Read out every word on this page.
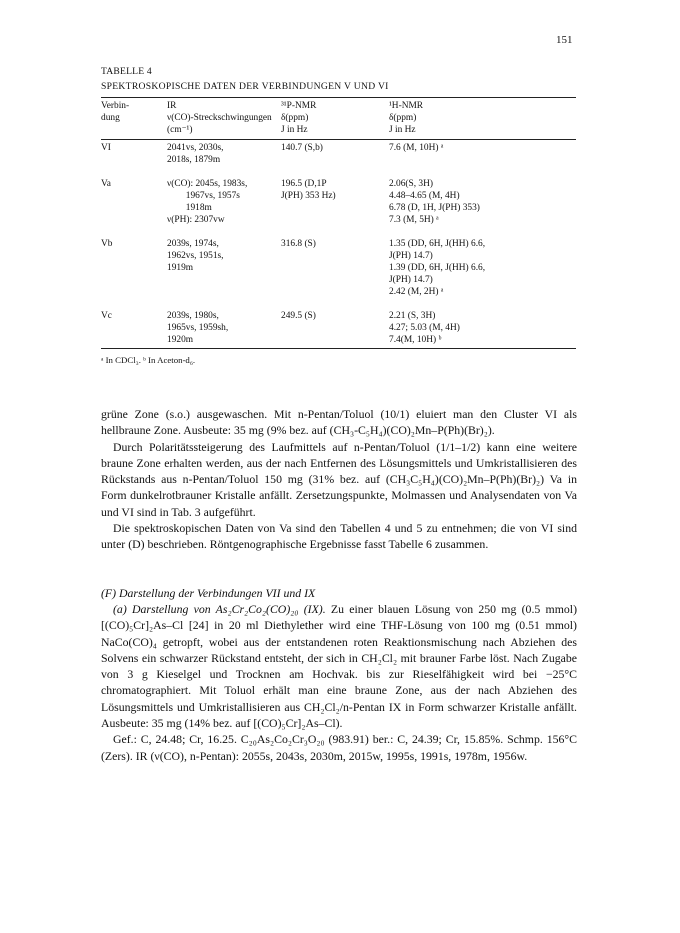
151
TABELLE 4
SPEKTROSKOPISCHE DATEN DER VERBINDUNGEN V UND VI
Verbin-
dung	IR
ν(CO)-Streckschwingungen
(cm⁻¹)	³¹P-NMR
δ(ppm)
J in Hz	¹H-NMR
δ(ppm)
J in Hz

VI	2041vs, 2030s,
2018s, 1879m	140.7 (S,b)	7.6 (M, 10H) ᵃ

Va	ν(CO): 2045s, 1983s,
1967vs, 1957s
1918m
ν(PH): 2307vw	196.5 (D,1P
J(PH) 353 Hz)	2.06(S, 3H)
4.48–4.65 (M, 4H)
6.78 (D, 1H, J(PH) 353)
7.3 (M, 5H) ᵃ

Vb	2039s, 1974s,
1962vs, 1951s,
1919m	316.8 (S)	1.35 (DD, 6H, J(HH) 6.6,
J(PH) 14.7)
1.39 (DD, 6H, J(HH) 6.6,
J(PH) 14.7)
2.42 (M, 2H) ᵃ

Vc	2039s, 1980s,
1965vs, 1959sh,
1920m	249.5 (S)	2.21 (S, 3H)
4.27; 5.03 (M, 4H)
7.4(M, 10H) ᵇ
ᵃ In CDCl₃. ᵇ In Aceton-d₆.

grüne Zone (s.o.) ausgewaschen. Mit n-Pentan/Toluol (10/1) eluiert man den Cluster VI als hellbraune Zone. Ausbeute: 35 mg (9% bez. auf (CH₃-C₅H₄)(CO)₂Mn–P(Ph)(Br)₂).

Durch Polaritätssteigerung des Laufmittels auf n-Pentan/Toluol (1/1–1/2) kann eine weitere braune Zone erhalten werden, aus der nach Entfernen des Lösungsmittels und Umkristallisieren des Rückstands aus n-Pentan/Toluol 150 mg (31% bez. auf (CH₃C₅H₄)(CO)₂Mn–P(Ph)(Br)₂) Va in Form dunkelrotbrauner Kristalle anfällt. Zersetzungspunkte, Molmassen und Analysendaten von Va und VI sind in Tab. 3 aufgeführt.

Die spektroskopischen Daten von Va sind den Tabellen 4 und 5 zu entnehmen; die von VI sind unter (D) beschrieben. Röntgenographische Ergebnisse fasst Tabelle 6 zusammen.

(F) Darstellung der Verbindungen VII und IX

(a) Darstellung von As₂Cr₂Co₂(CO)₂₀ (IX). Zu einer blauen Lösung von 250 mg (0.5 mmol) [(CO)₅Cr]₂As–Cl [24] in 20 ml Diethylether wird eine THF-Lösung von 100 mg (0.51 mmol) NaCo(CO)₄ getropft, wobei aus der entstandenen roten Reaktionsmischung nach Abziehen des Solvens ein schwarzer Rückstand entsteht, der sich in CH₂Cl₂ mit brauner Farbe löst. Nach Zugabe von 3 g Kieselgel und Trocknen am Hochvak. bis zur Rieselfähigkeit wird bei −25°C chromatographiert. Mit Toluol erhält man eine braune Zone, aus der nach Abziehen des Lösungsmittels und Umkristallisieren aus CH₂Cl₂/n-Pentan IX in Form schwarzer Kristalle anfällt. Ausbeute: 35 mg (14% bez. auf [(CO)₅Cr]₂As–Cl).

Gef.: C, 24.48; Cr, 16.25. C₂₀As₂Co₂Cr₃O₂₀ (983.91) ber.: C, 24.39; Cr, 15.85%. Schmp. 156°C (Zers). IR (ν(CO), n-Pentan): 2055s, 2043s, 2030m, 2015w, 1995s, 1991s, 1978m, 1956w.
